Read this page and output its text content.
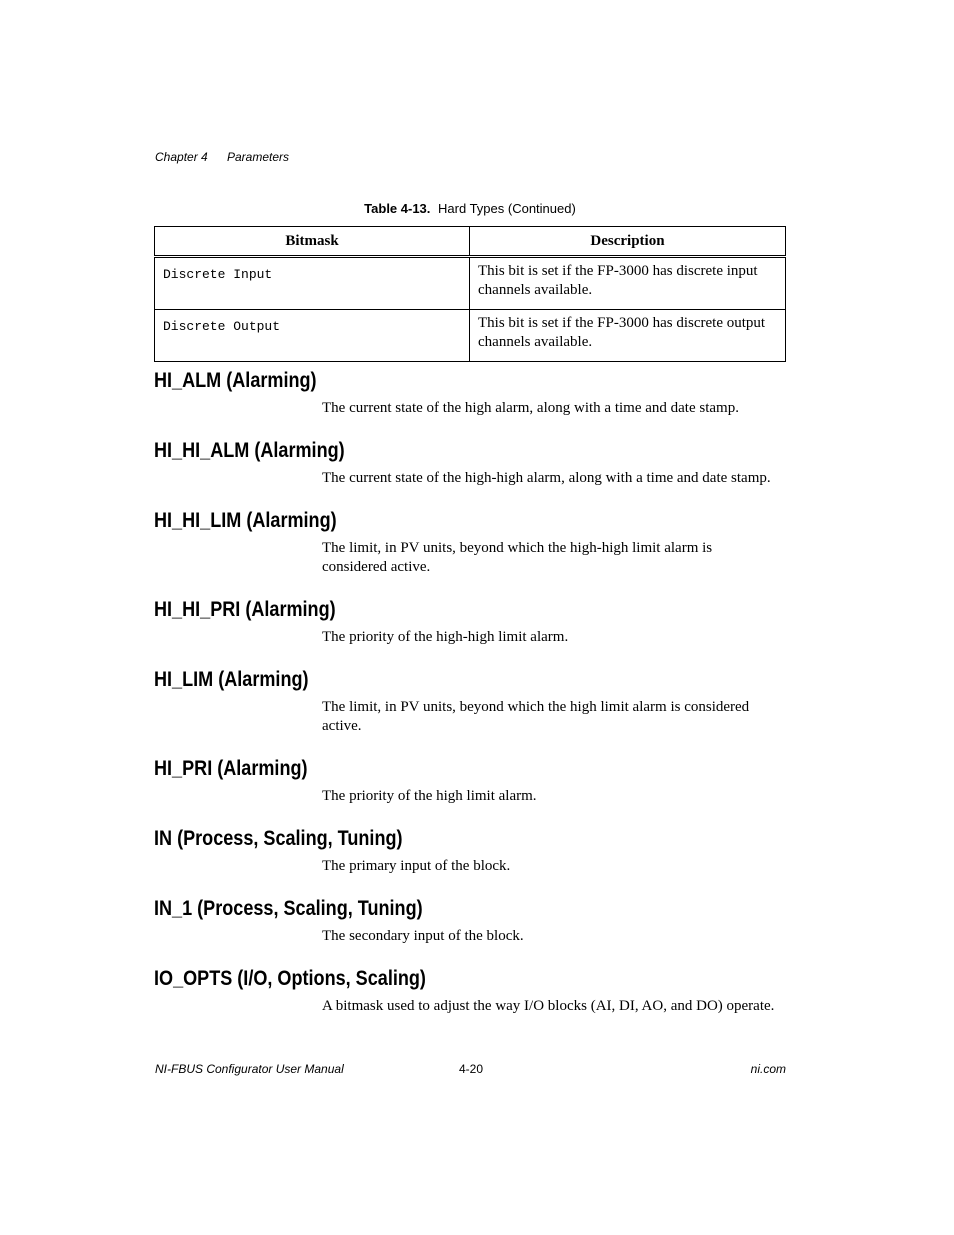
Chapter 4 Parameters
Table 4-13. Hard Types (Continued)
Bitmask	Description
Discrete Input	This bit is set if the FP-3000 has discrete input channels available.
Discrete Output	This bit is set if the FP-3000 has discrete output channels available.
HI_ALM (Alarming)

The current state of the high alarm, along with a time and date stamp.

HI_HI_ALM (Alarming)

The current state of the high-high alarm, along with a time and date stamp.

HI_HI_LIM (Alarming)

The limit, in PV units, beyond which the high-high limit alarm is considered active.

HI_HI_PRI (Alarming)

The priority of the high-high limit alarm.

HI_LIM (Alarming)

The limit, in PV units, beyond which the high limit alarm is considered active.

HI_PRI (Alarming)

The priority of the high limit alarm.

IN (Process, Scaling, Tuning)

The primary input of the block.

IN_1 (Process, Scaling, Tuning)

The secondary input of the block.

IO_OPTS (I/O, Options, Scaling)

A bitmask used to adjust the way I/O blocks (AI, DI, AO, and DO) operate.

NI-FBUS Configurator User Manual	4-20	ni.com
